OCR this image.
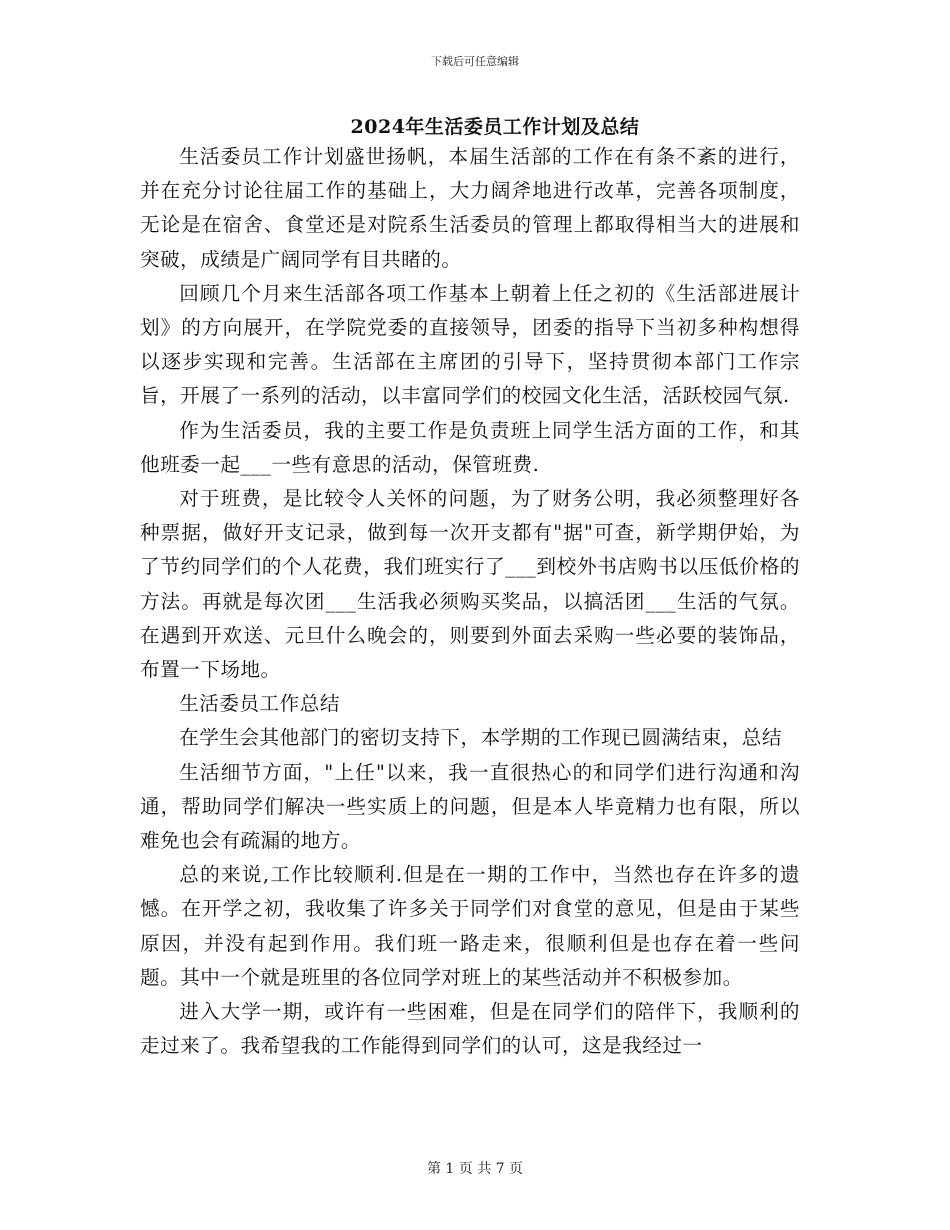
下载后可任意编辑
2024年生活委员工作计划及总结

生活委员工作计划盛世扬帆，本届生活部的工作在有条不紊的进行，并在充分讨论往届工作的基础上，大力阔斧地进行改革，完善各项制度，无论是在宿舍、食堂还是对院系生活委员的管理上都取得相当大的进展和突破，成绩是广阔同学有目共睹的。

回顾几个月来生活部各项工作基本上朝着上任之初的《生活部进展计划》的方向展开，在学院党委的直接领导，团委的指导下当初多种构想得以逐步实现和完善。生活部在主席团的引导下，坚持贯彻本部门工作宗旨，开展了一系列的活动，以丰富同学们的校园文化生活，活跃校园气氛.

作为生活委员，我的主要工作是负责班上同学生活方面的工作，和其他班委一起___一些有意思的活动，保管班费.

对于班费，是比较令人关怀的问题，为了财务公明，我必须整理好各种票据，做好开支记录，做到每一次开支都有"据"可查，新学期伊始，为了节约同学们的个人花费，我们班实行了___到校外书店购书以压低价格的方法。再就是每次团___生活我必须购买奖品，以搞活团___生活的气氛。在遇到开欢送、元旦什么晚会的，则要到外面去采购一些必要的装饰品，布置一下场地。

生活委员工作总结

在学生会其他部门的密切支持下，本学期的工作现已圆满结束，总结

生活细节方面，"上任"以来，我一直很热心的和同学们进行沟通和沟通，帮助同学们解决一些实质上的问题，但是本人毕竟精力也有限，所以难免也会有疏漏的地方。

总的来说,工作比较顺利.但是在一期的工作中，当然也存在许多的遗憾。在开学之初，我收集了许多关于同学们对食堂的意见，但是由于某些原因，并没有起到作用。我们班一路走来，很顺利但是也存在着一些问题。其中一个就是班里的各位同学对班上的某些活动并不积极参加。

进入大学一期，或许有一些困难，但是在同学们的陪伴下，我顺利的走过来了。我希望我的工作能得到同学们的认可，这是我经过一

第 1 页 共 7 页
